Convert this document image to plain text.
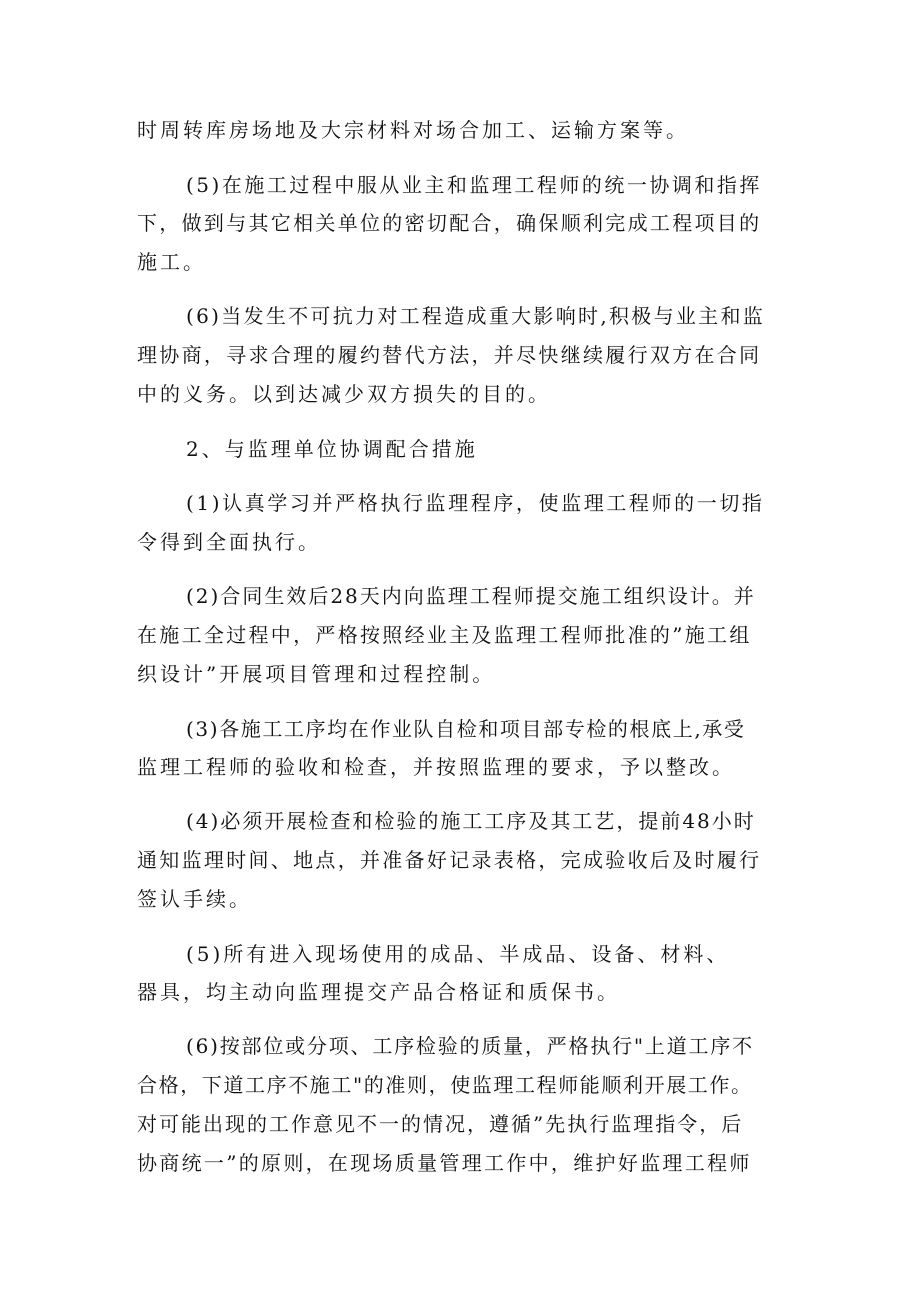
时周转库房场地及大宗材料对场合加工、运输方案等。
(5)在施工过程中服从业主和监理工程师的统一协调和指挥
下，做到与其它相关单位的密切配合，确保顺利完成工程项目的
施工。
(6)当发生不可抗力对工程造成重大影响时,积极与业主和监
理协商，寻求合理的履约替代方法，并尽快继续履行双方在合同
中的义务。以到达减少双方损失的目的。
2、与监理单位协调配合措施
(1)认真学习并严格执行监理程序，使监理工程师的一切指
令得到全面执行。
(2)合同生效后28天内向监理工程师提交施工组织设计。并
在施工全过程中，严格按照经业主及监理工程师批准的”施工组
织设计”开展项目管理和过程控制。
(3)各施工工序均在作业队自检和项目部专检的根底上,承受
监理工程师的验收和检查，并按照监理的要求，予以整改。
(4)必须开展检查和检验的施工工序及其工艺，提前48小时
通知监理时间、地点，并准备好记录表格，完成验收后及时履行
签认手续。
(5)所有进入现场使用的成品、半成品、设备、材料、
器具，均主动向监理提交产品合格证和质保书。
(6)按部位或分项、工序检验的质量，严格执行"上道工序不
合格，下道工序不施工"的准则，使监理工程师能顺利开展工作。
对可能出现的工作意见不一的情况，遵循”先执行监理指令，后
协商统一”的原则，在现场质量管理工作中，维护好监理工程师
